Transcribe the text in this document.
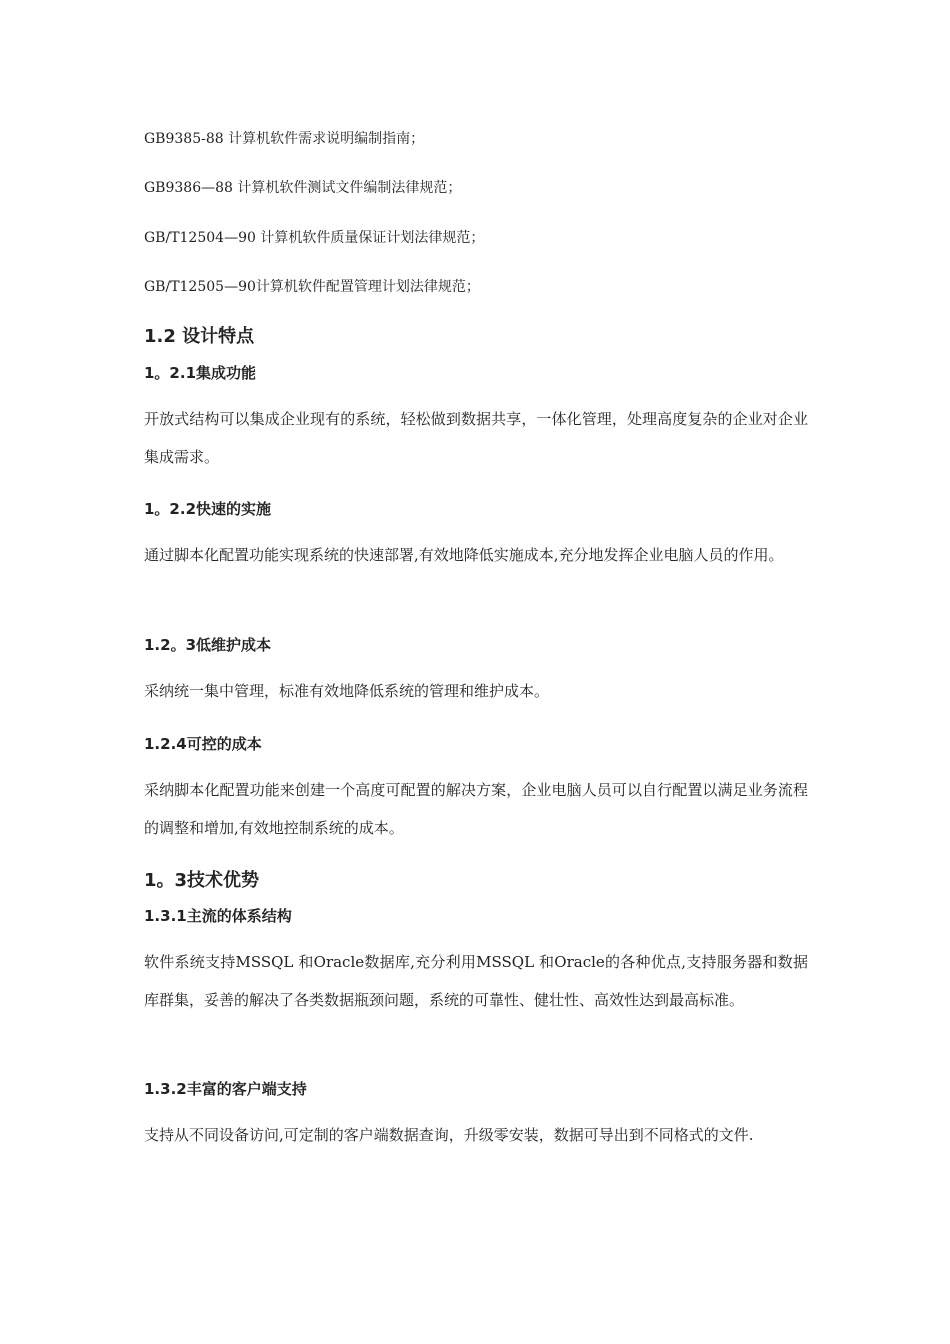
GB9385-88 计算机软件需求说明编制指南；
GB9386—88 计算机软件测试文件编制法律规范；
GB/T12504—90 计算机软件质量保证计划法律规范；
GB/T12505—90计算机软件配置管理计划法律规范；
1.2 设计特点
1。2.1集成功能
开放式结构可以集成企业现有的系统，轻松做到数据共享，一体化管理，处理高度复杂的企业对企业集成需求。
1。2.2快速的实施
通过脚本化配置功能实现系统的快速部署,有效地降低实施成本,充分地发挥企业电脑人员的作用。
1.2。3低维护成本
采纳统一集中管理，标准有效地降低系统的管理和维护成本。
1.2.4可控的成本
采纳脚本化配置功能来创建一个高度可配置的解决方案，企业电脑人员可以自行配置以满足业务流程的调整和增加,有效地控制系统的成本。
1。3技术优势
1.3.1主流的体系结构
软件系统支持MSSQL 和Oracle数据库,充分利用MSSQL 和Oracle的各种优点,支持服务器和数据库群集，妥善的解决了各类数据瓶颈问题，系统的可靠性、健壮性、高效性达到最高标准。
1.3.2丰富的客户端支持
支持从不同设备访问,可定制的客户端数据查询，升级零安装，数据可导出到不同格式的文件.
